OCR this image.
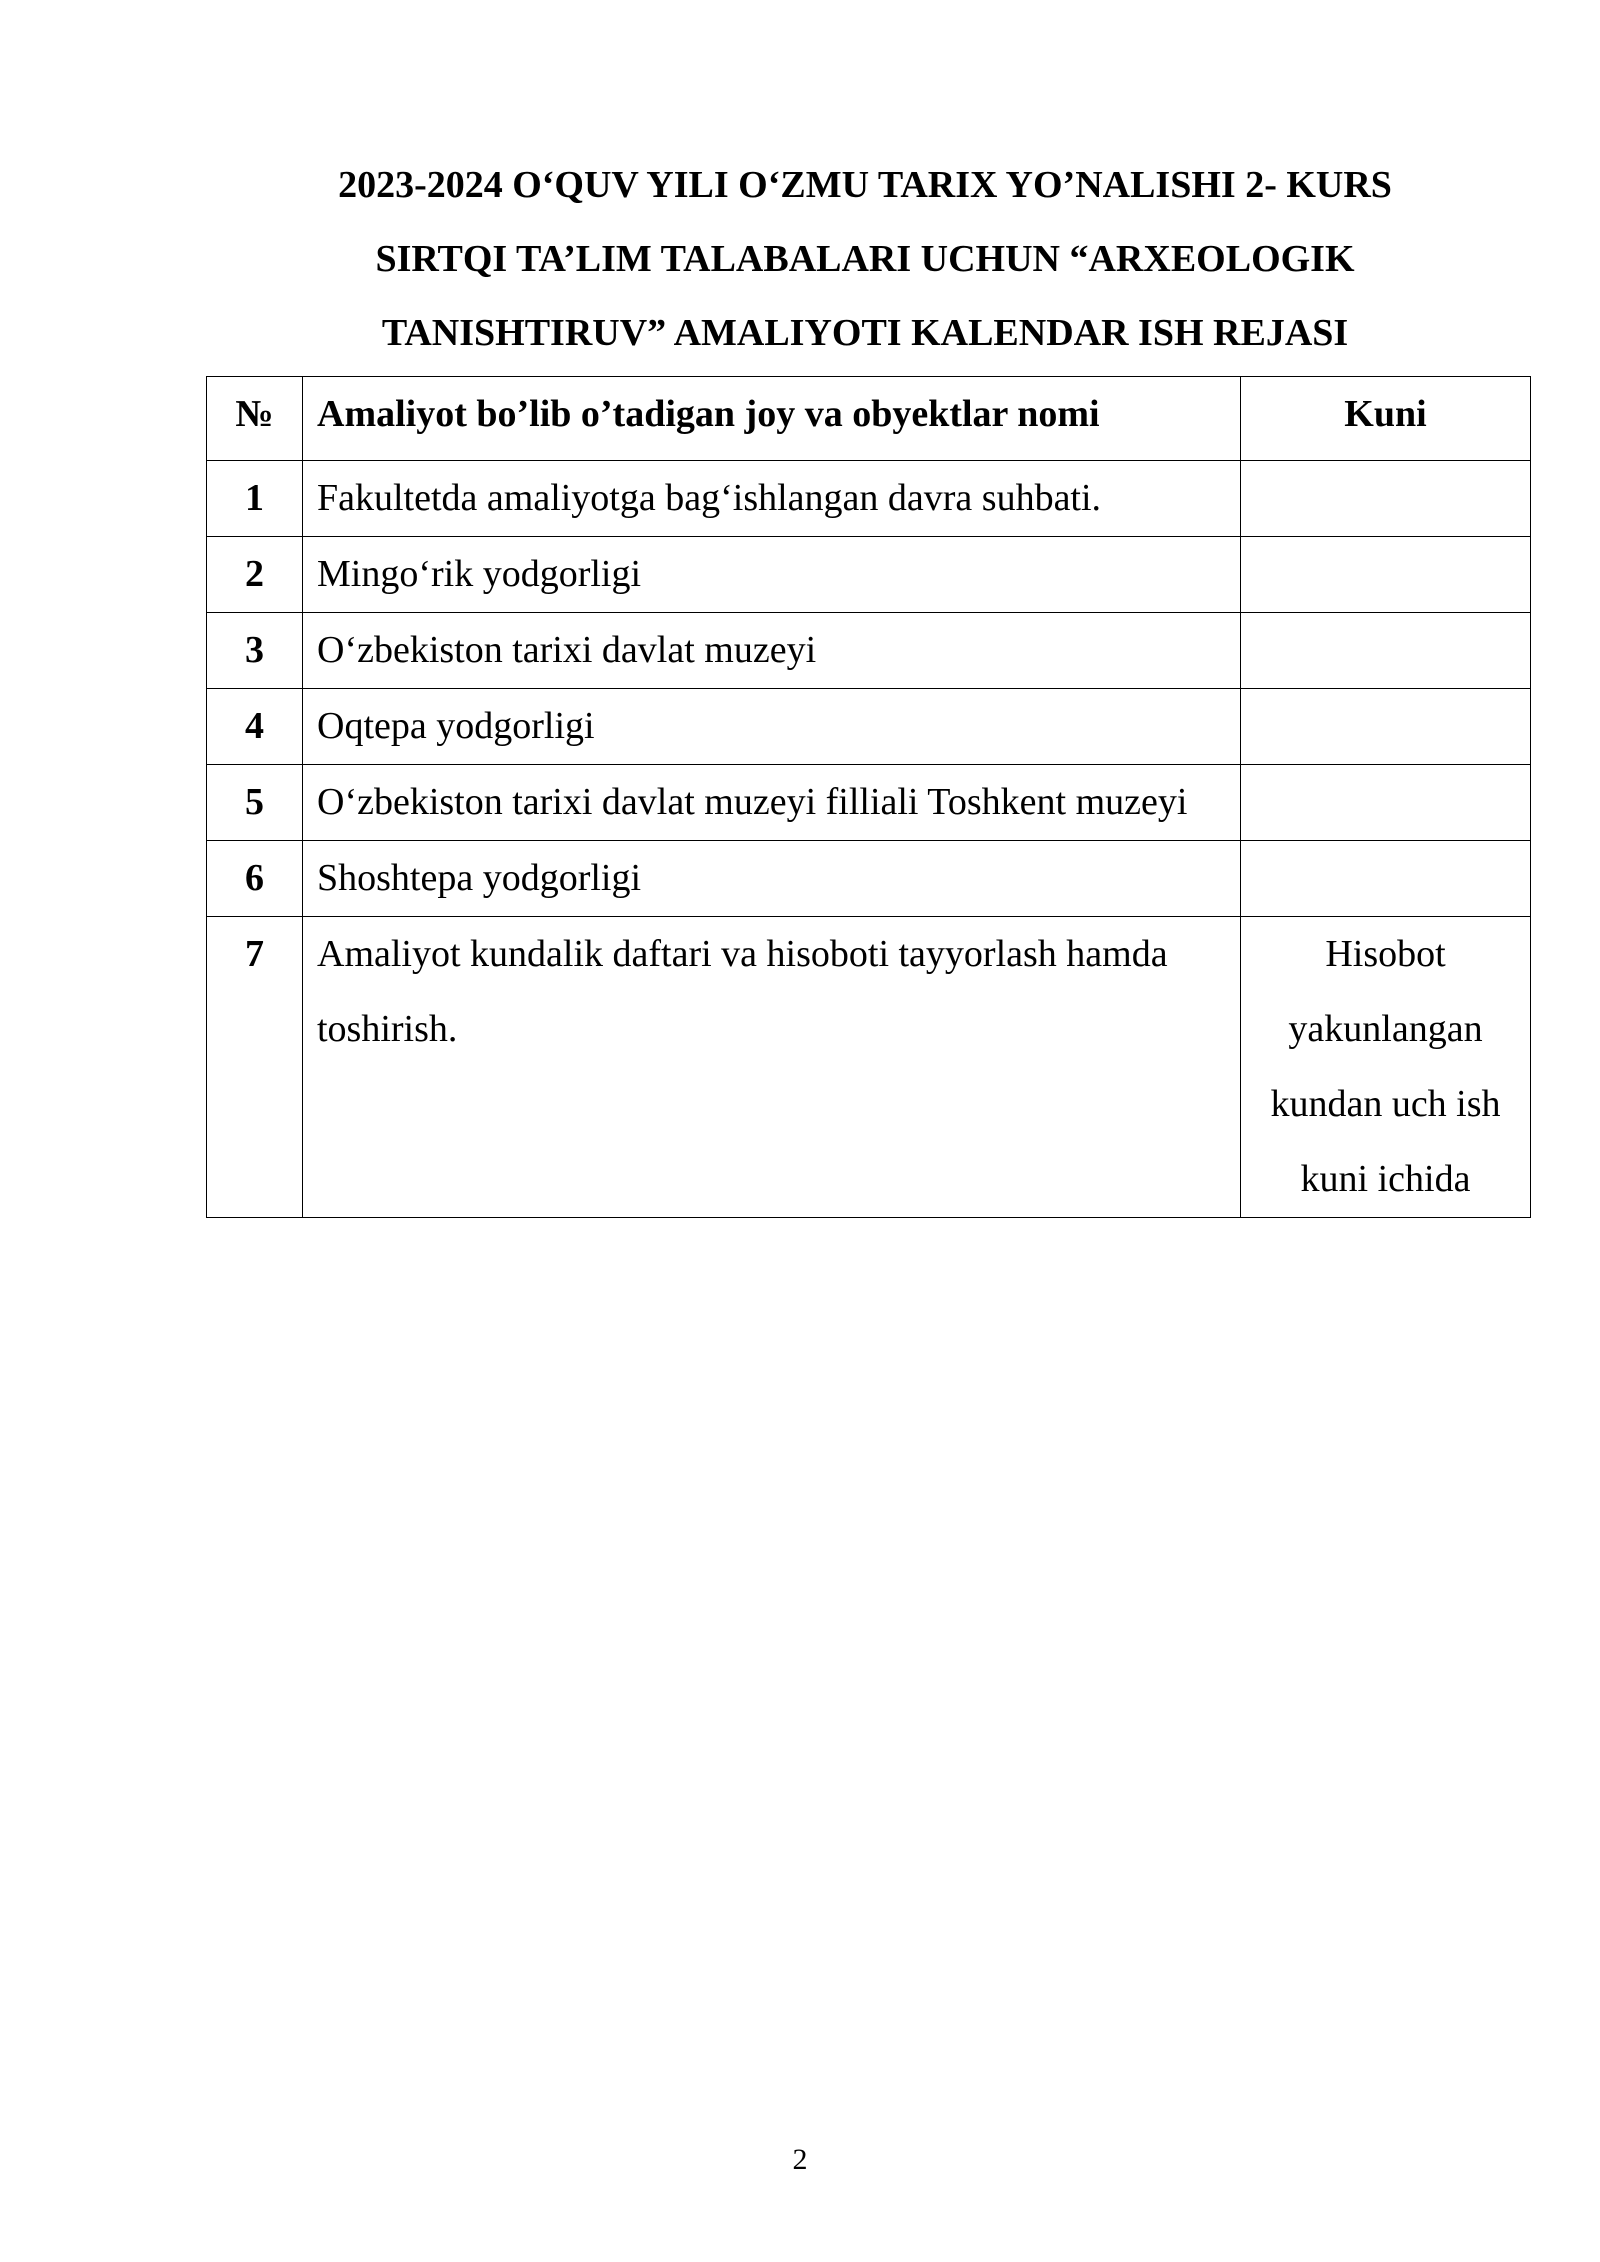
2023-2024 O‘QUV YILI O‘ZMU TARIX YO’NALISHI 2- KURS
SIRTQI TA’LIM TALABALARI UCHUN “ARXEOLOGIK
TANISHTIRUV” AMALIYOTI KALENDAR ISH REJASI
№	Amaliyot bo’lib o’tadigan joy va obyektlar nomi	Kuni
1	Fakultetda amaliyotga bag‘ishlangan davra suhbati.	
2	Mingo‘rik yodgorligi	
3	O‘zbekiston tarixi davlat muzeyi	
4	Oqtepa yodgorligi	
5	O‘zbekiston tarixi davlat muzeyi filliali Toshkent muzeyi	
6	Shoshtepa yodgorligi	
7	Amaliyot kundalik daftari va hisoboti tayyorlash hamda toshirish.	Hisobot yakunlangan kundan uch ish kuni ichida
2
